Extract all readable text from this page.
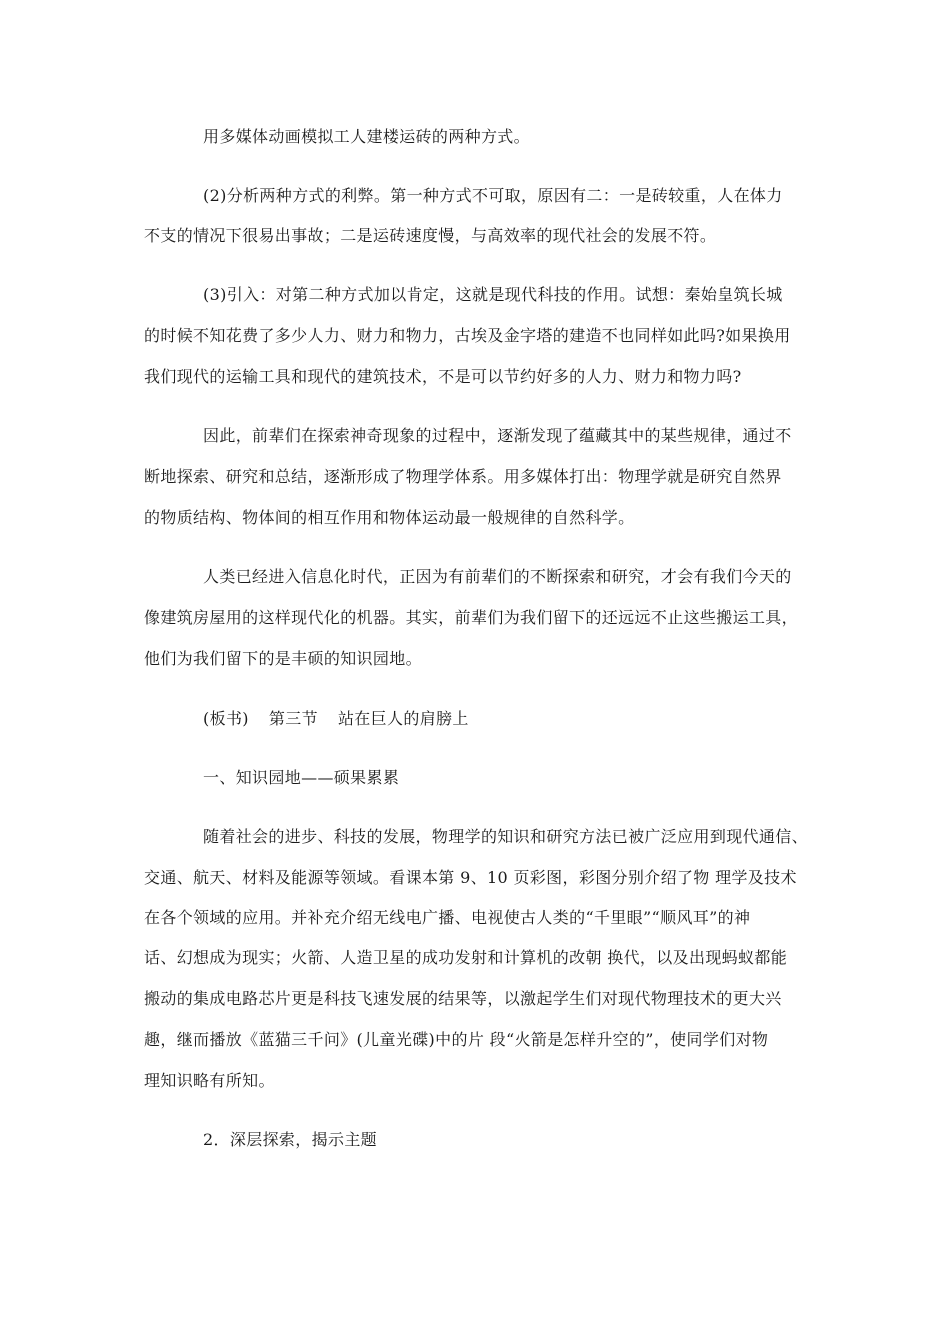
用多媒体动画模拟工人建楼运砖的两种方式。
(2)分析两种方式的利弊。第一种方式不可取，原因有二：一是砖较重，人在体力
不支的情况下很易出事故；二是运砖速度慢，与高效率的现代社会的发展不符。
(3)引入：对第二种方式加以肯定，这就是现代科技的作用。试想：秦始皇筑长城
的时候不知花费了多少人力、财力和物力，古埃及金字塔的建造不也同样如此吗?如果换用
我们现代的运输工具和现代的建筑技术，不是可以节约好多的人力、财力和物力吗?
因此，前辈们在探索神奇现象的过程中，逐渐发现了蕴藏其中的某些规律，通过不
断地探索、研究和总结，逐渐形成了物理学体系。用多媒体打出：物理学就是研究自然界
的物质结构、物体间的相互作用和物体运动最一般规律的自然科学。
人类已经进入信息化时代，正因为有前辈们的不断探索和研究，才会有我们今天的
像建筑房屋用的这样现代化的机器。其实，前辈们为我们留下的还远远不止这些搬运工具，
他们为我们留下的是丰硕的知识园地。
(板书) 第三节 站在巨人的肩膀上
一、知识园地——硕果累累
随着社会的进步、科技的发展，物理学的知识和研究方法已被广泛应用到现代通信、
交通、航天、材料及能源等领域。看课本第 9、10 页彩图，彩图分别介绍了物 理学及技术
在各个领域的应用。并补充介绍无线电广播、电视使古人类的“千里眼”“顺风耳”的神
话、幻想成为现实；火箭、人造卫星的成功发射和计算机的改朝 换代，以及出现蚂蚁都能
搬动的集成电路芯片更是科技飞速发展的结果等，以激起学生们对现代物理技术的更大兴
趣，继而播放《蓝猫三千问》(儿童光碟)中的片 段“火箭是怎样升空的”，使同学们对物
理知识略有所知。
2．深层探索，揭示主题
